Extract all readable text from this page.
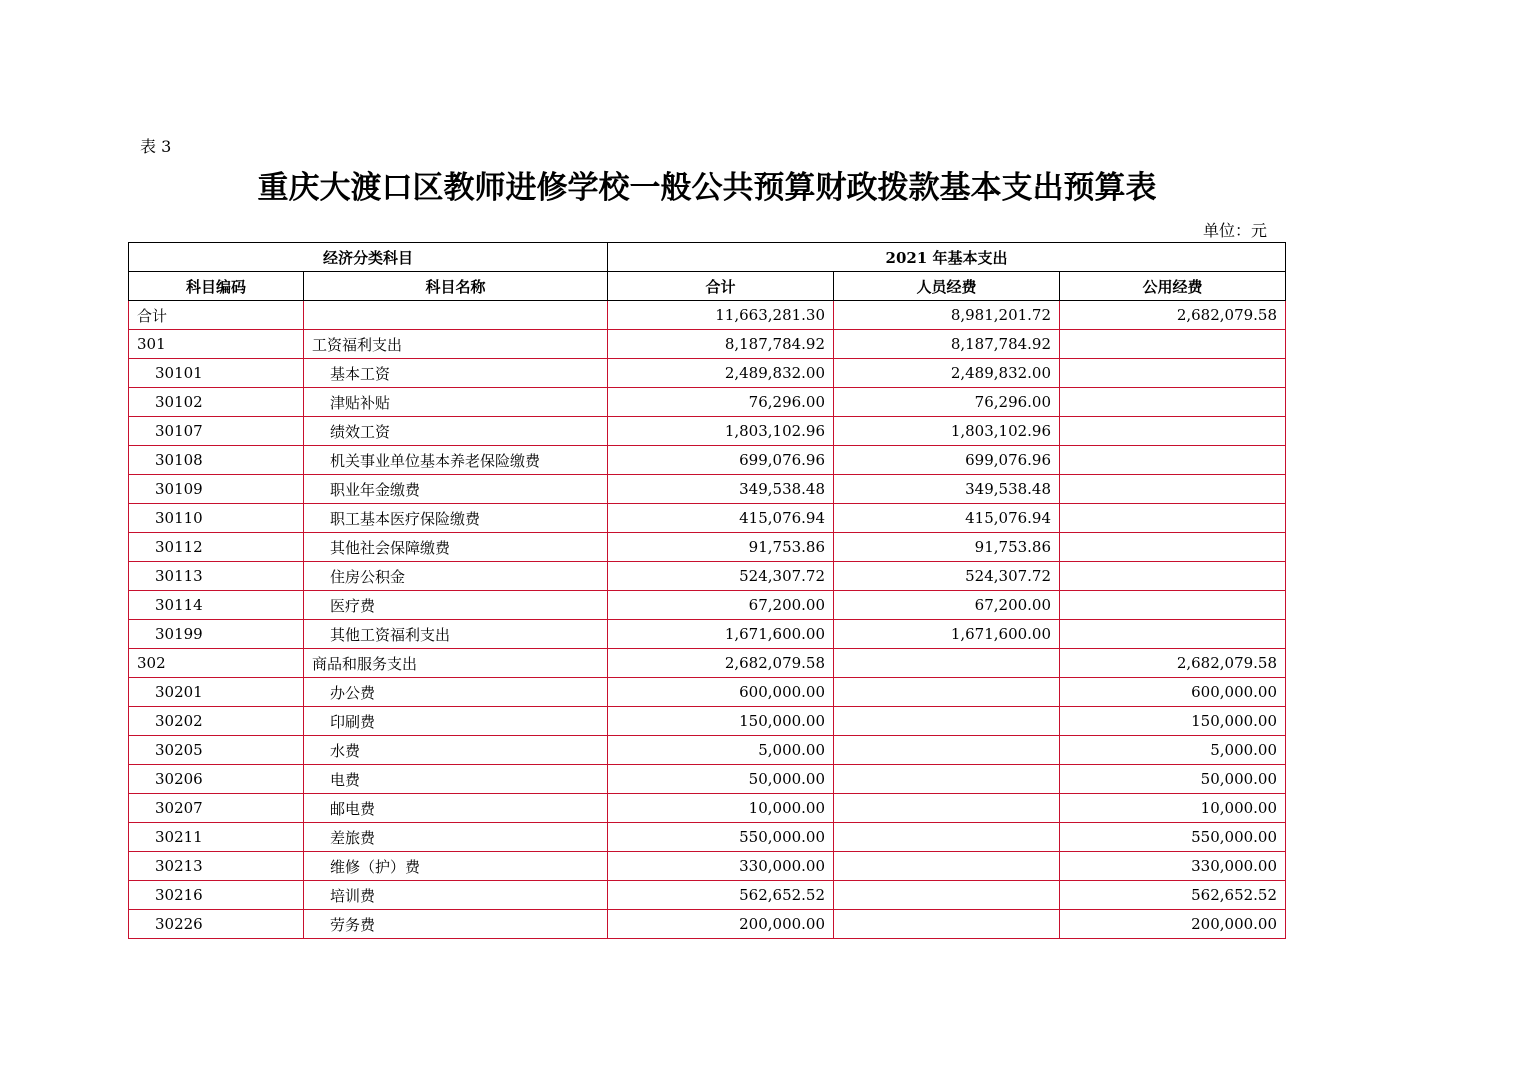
表 3
重庆大渡口区教师进修学校一般公共预算财政拨款基本支出预算表
单位：元
经济分类科目		2021 年基本支出		
科目编码	科目名称	合计	人员经费	公用经费
合计		11,663,281.30	8,981,201.72	2,682,079.58
301	工资福利支出	8,187,784.92	8,187,784.92	
30101	基本工资	2,489,832.00	2,489,832.00	
30102	津贴补贴	76,296.00	76,296.00	
30107	绩效工资	1,803,102.96	1,803,102.96	
30108	机关事业单位基本养老保险缴费	699,076.96	699,076.96	
30109	职业年金缴费	349,538.48	349,538.48	
30110	职工基本医疗保险缴费	415,076.94	415,076.94	
30112	其他社会保障缴费	91,753.86	91,753.86	
30113	住房公积金	524,307.72	524,307.72	
30114	医疗费	67,200.00	67,200.00	
30199	其他工资福利支出	1,671,600.00	1,671,600.00	
302	商品和服务支出	2,682,079.58		2,682,079.58
30201	办公费	600,000.00		600,000.00
30202	印刷费	150,000.00		150,000.00
30205	水费	5,000.00		5,000.00
30206	电费	50,000.00		50,000.00
30207	邮电费	10,000.00		10,000.00
30211	差旅费	550,000.00		550,000.00
30213	维修（护）费	330,000.00		330,000.00
30216	培训费	562,652.52		562,652.52
30226	劳务费	200,000.00		200,000.00
